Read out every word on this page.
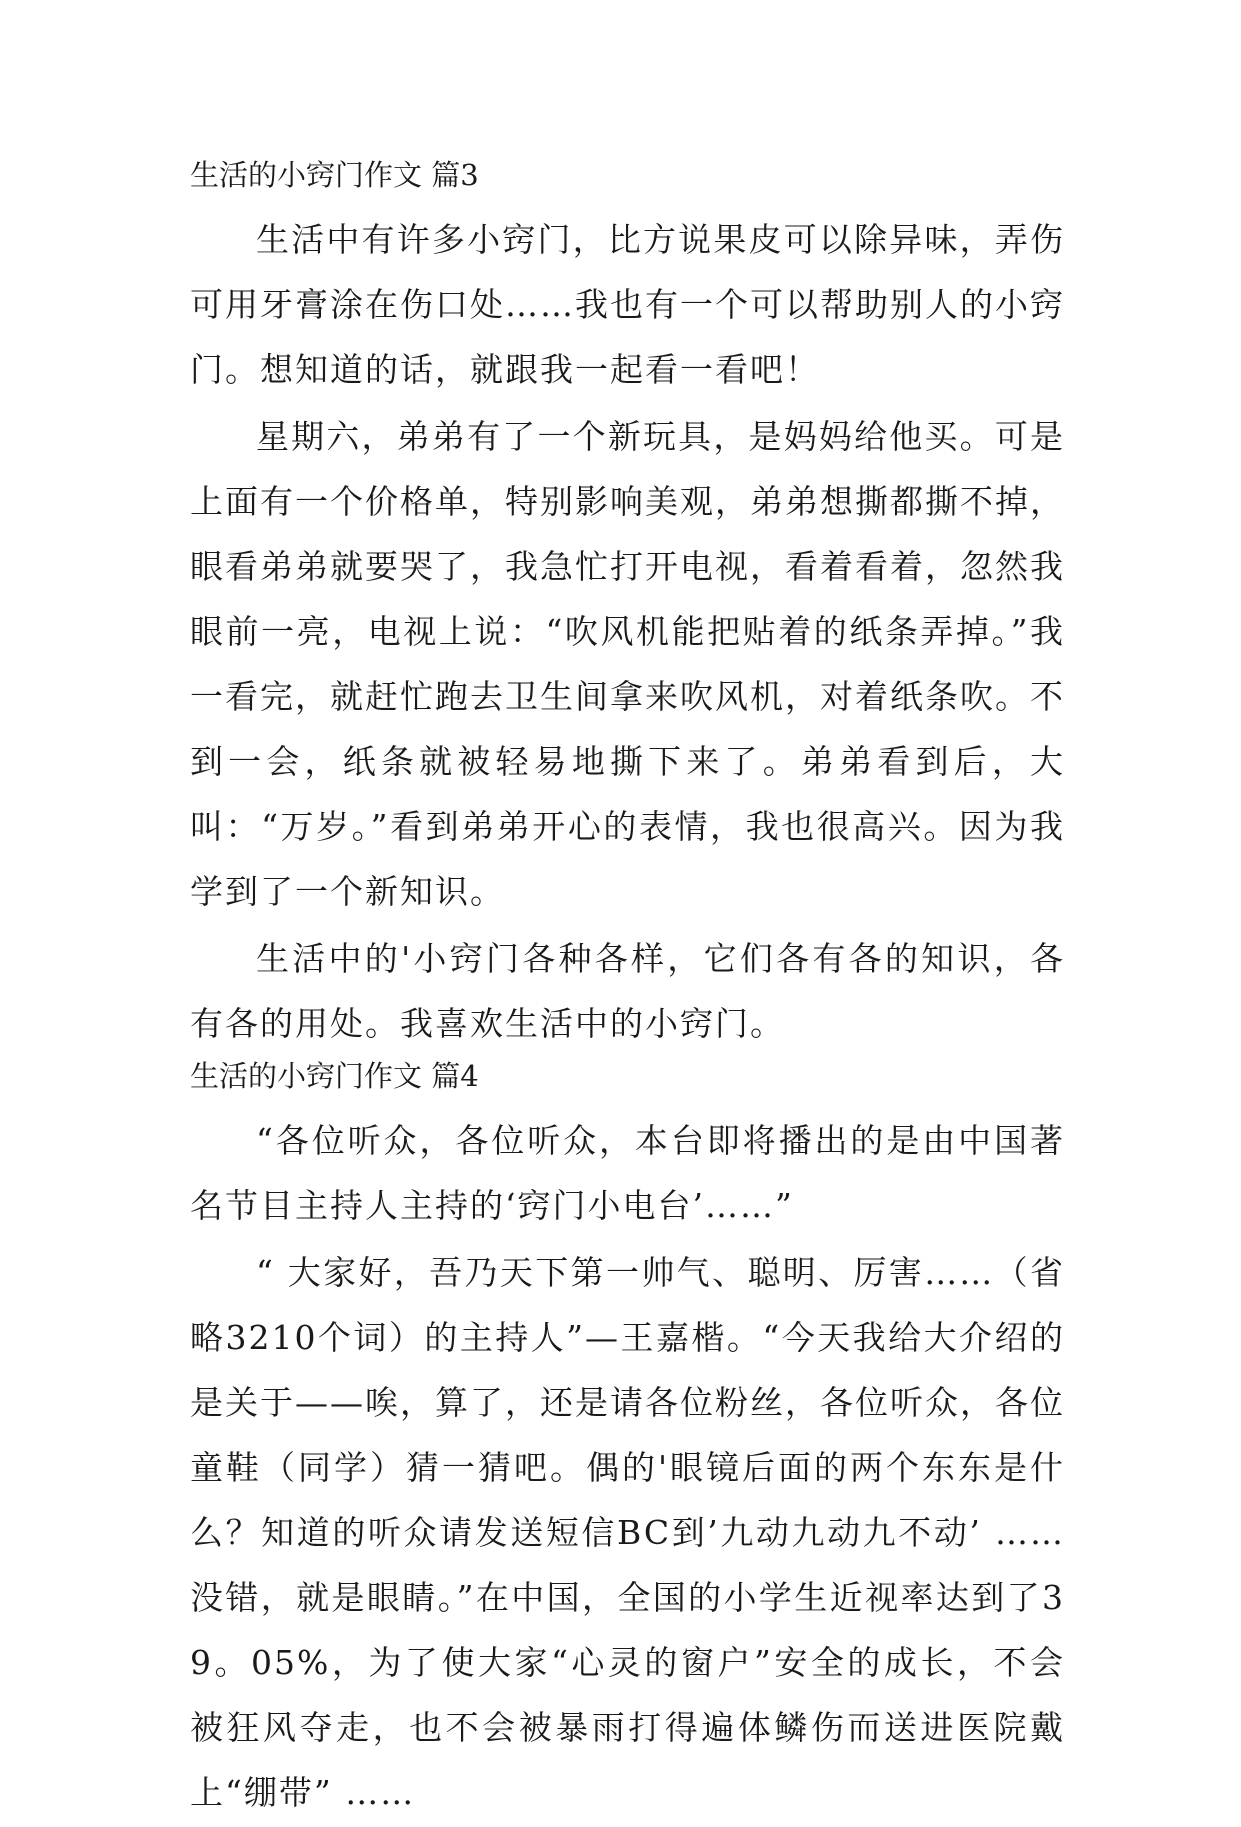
生活的小窍门作文 篇3

生活中有许多小窍门，比方说果皮可以除异味，弄伤可用牙膏涂在伤口处……我也有一个可以帮助别人的小窍门。想知道的话，就跟我一起看一看吧！

星期六，弟弟有了一个新玩具，是妈妈给他买。可是上面有一个价格单，特别影响美观，弟弟想撕都撕不掉，眼看弟弟就要哭了，我急忙打开电视，看着看着，忽然我眼前一亮，电视上说：“吹风机能把贴着的纸条弄掉。”我一看完，就赶忙跑去卫生间拿来吹风机，对着纸条吹。不到一会，纸条就被轻易地撕下来了。弟弟看到后，大叫：“万岁。”看到弟弟开心的表情，我也很高兴。因为我学到了一个新知识。

生活中的'小窍门各种各样，它们各有各的知识，各有各的用处。我喜欢生活中的小窍门。

生活的小窍门作文 篇4

“各位听众，各位听众，本台即将播出的是由中国著名节目主持人主持的‘窍门小电台’……”

“ 大家好，吾乃天下第一帅气、聪明、厉害……（省略3210个词）的主持人”—王嘉楷。“今天我给大介绍的是关于——唉，算了，还是请各位粉丝，各位听众，各位童鞋（同学）猜一猜吧。偶的'眼镜后面的两个东东是什么？知道的听众请发送短信BC到’九动九动九不动’ ……没错，就是眼睛。”在中国，全国的小学生近视率达到了39。05%，为了使大家“心灵的窗户”安全的成长，不会被狂风夺走，也不会被暴雨打得遍体鳞伤而送进医院戴上“绷带” ……
